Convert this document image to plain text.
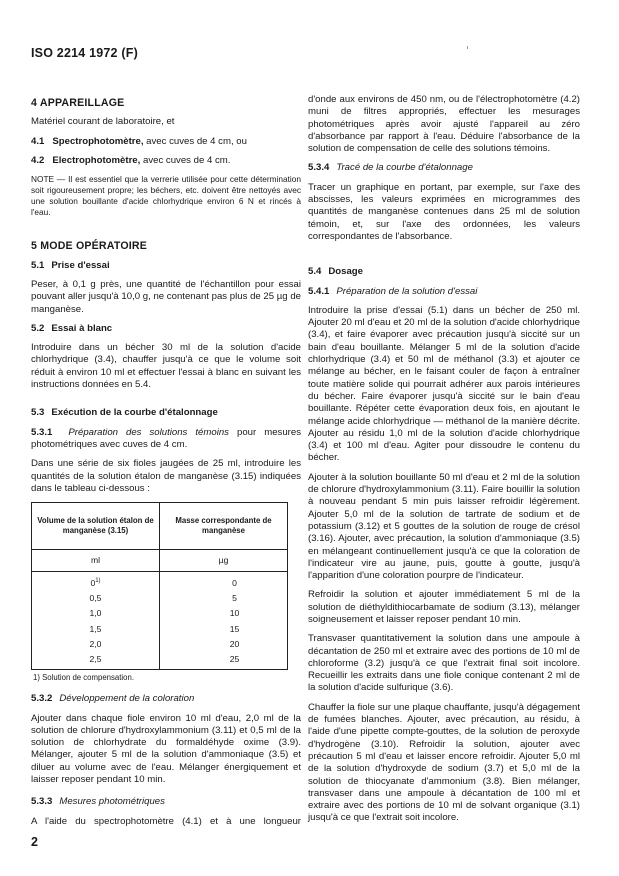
ISO 2214 1972 (F)
4 APPAREILLAGE

Matériel courant de laboratoire, et

4.1 Spectrophotomètre, avec cuves de 4 cm, ou

4.2 Electrophotomètre, avec cuves de 4 cm.

NOTE — Il est essentiel que la verrerie utilisée pour cette détermination soit rigoureusement propre; les béchers, etc. doivent être nettoyés avec une solution bouillante d'acide chlorhydrique environ 6 N et rincés à l'eau.

5 MODE OPÉRATOIRE
5.1 Prise d'essai

Peser, à 0,1 g près, une quantité de l'échantillon pour essai pouvant aller jusqu'à 10,0 g, ne contenant pas plus de 25 µg de manganèse.

5.2 Essai à blanc

Introduire dans un bécher 30 ml de la solution d'acide chlorhydrique (3.4), chauffer jusqu'à ce que le volume soit réduit à environ 10 ml et effectuer l'essai à blanc en suivant les instructions données en 5.4.

5.3 Exécution de la courbe d'étalonnage

5.3.1 Préparation des solutions témoins pour mesures photométriques avec cuves de 4 cm.

Dans une série de six fioles jaugées de 25 ml, introduire les quantités de la solution étalon de manganèse (3.15) indiquées dans le tableau ci-dessous :

Volume de la solution étalon de manganèse (3.15)	Masse correspondante de manganèse
ml	µg
0$^{1)}$	0
0,5	5
1,0	10
1,5	15
2,0	20
2,5	25
1) Solution de compensation.
5.3.2 Développement de la coloration

Ajouter dans chaque fiole environ 10 ml d'eau, 2,0 ml de la solution de chlorure d'hydroxylammonium (3.11) et 0,5 ml de la solution de chlorhydrate du formaldéhyde oxime (3.9). Mélanger, ajouter 5 ml de la solution d'ammoniaque (3.5) et diluer au volume avec de l'eau. Mélanger énergiquement et laisser reposer pendant 10 min.

5.3.3 Mesures photométriques

A l'aide du spectrophotomètre (4.1) et à une longueur

d'onde aux environs de 450 nm, ou de l'électrophotomètre (4.2) muni de filtres appropriés, effectuer les mesurages photométriques après avoir ajusté l'appareil au zéro d'absorbance par rapport à l'eau. Déduire l'absorbance de la solution de compensation de celle des solutions témoins.

5.3.4 Tracé de la courbe d'étalonnage

Tracer un graphique en portant, par exemple, sur l'axe des abscisses, les valeurs exprimées en microgrammes des quantités de manganèse contenues dans 25 ml de solution témoin, et, sur l'axe des ordonnées, les valeurs correspondantes de l'absorbance.

5.4 Dosage
5.4.1 Préparation de la solution d'essai

Introduire la prise d'essai (5.1) dans un bécher de 250 ml. Ajouter 20 ml d'eau et 20 ml de la solution d'acide chlorhydrique (3.4), et faire évaporer avec précaution jusqu'à siccité sur un bain d'eau bouillante. Mélanger 5 ml de la solution d'acide chlorhydrique (3.4) et 50 ml de méthanol (3.3) et ajouter ce mélange au bécher, en le faisant couler de façon à entraîner toute matière solide qui pourrait adhérer aux parois intérieures du bécher. Faire évaporer jusqu'à siccité sur le bain d'eau bouillante. Répéter cette évaporation deux fois, en ajoutant le mélange acide chlorhydrique — méthanol de la manière décrite. Ajouter au résidu 1,0 ml de la solution d'acide chlorhydrique (3.4) et 100 ml d'eau. Agiter pour dissoudre le contenu du bécher.

Ajouter à la solution bouillante 50 ml d'eau et 2 ml de la solution de chlorure d'hydroxylammonium (3.11). Faire bouillir la solution à nouveau pendant 5 min puis laisser refroidir légèrement. Ajouter 5,0 ml de la solution de tartrate de sodium et de potassium (3.12) et 5 gouttes de la solution de rouge de crésol (3.16). Ajouter, avec précaution, la solution d'ammoniaque (3.5) en mélangeant continuellement jusqu'à ce que la coloration de l'indicateur vire au jaune, puis, goutte à goutte, jusqu'à l'apparition d'une coloration pourpre de l'indicateur.

Refroidir la solution et ajouter immédiatement 5 ml de la solution de diéthyldithiocarbamate de sodium (3.13), mélanger soigneusement et laisser reposer pendant 10 min.

Transvaser quantitativement la solution dans une ampoule à décantation de 250 ml et extraire avec des portions de 10 ml de chloroforme (3.2) jusqu'à ce que l'extrait final soit incolore. Recueillir les extraits dans une fiole conique contenant 2 ml de la solution d'acide sulfurique (3.6).

Chauffer la fiole sur une plaque chauffante, jusqu'à dégagement de fumées blanches. Ajouter, avec précaution, au résidu, à l'aide d'une pipette compte-gouttes, de la solution de peroxyde d'hydrogène (3.10). Refroidir la solution, ajouter avec précaution 5 ml d'eau et laisser encore refroidir. Ajouter 5,0 ml de la solution d'hydroxyde de sodium (3.7) et 5,0 ml de la solution de thiocyanate d'ammonium (3.8). Bien mélanger, transvaser dans une ampoule à décantation de 100 ml et extraire avec des portions de 10 ml de solvant organique (3.1) jusqu'à ce que l'extrait soit incolore.

2
